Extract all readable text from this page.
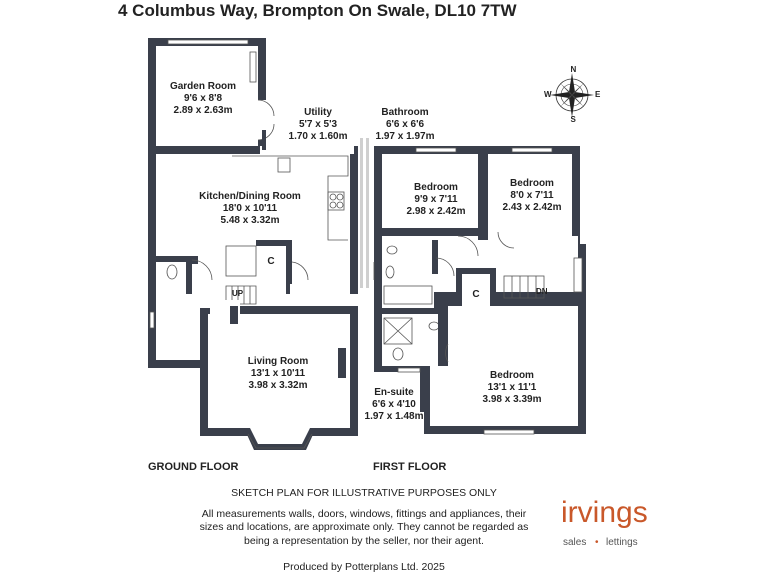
4 Columbus Way, Brompton On Swale, DL10 7TW
Garden Room
9'6 x 8'8
2.89 x 2.63m	Utility
5'7 x 5'3
1.70 x 1.60m
Kitchen/Dining Room
18'0 x 10'11
5.48 x 3.32m
C
UP
Living Room
13'1 x 10'11
3.98 x 3.32m
Bathroom
6'6 x 6'6
1.97 x 1.97m
Bedroom
9'9 x 7'11
2.98 x 2.42m
Bedroom
8'0 x 7'11
2.43 x 2.42m
C	DN
Bedroom
13'1 x 11'1
3.98 x 3.39m
En-suite
6'6 x 4'10
1.97 x 1.48m
GROUND FLOOR	FIRST FLOOR
N
S
E
W
SKETCH PLAN FOR ILLUSTRATIVE PURPOSES ONLY
All measurements walls, doors, windows, fittings and appliances, their
sizes and locations, are approximate only. They cannot be regarded as
being a representation by the seller, nor their agent.
Produced by Potterplans Ltd. 2025
irvings
sales • lettings
